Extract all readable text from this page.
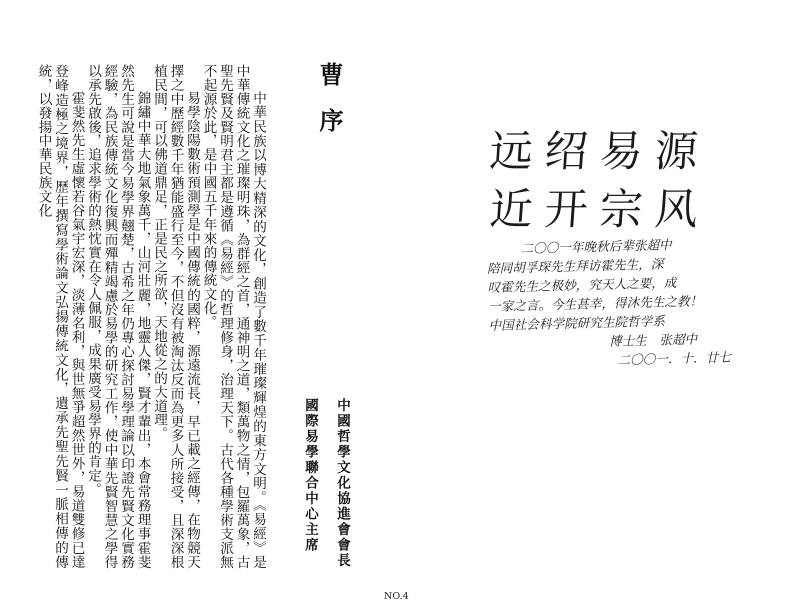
中華民族以博大精深的文化，創造了數千年璀璨輝煌的東方文明。《易經》是中華傳統文化之璀璨明珠，為群經之首，通神明之道，類萬物之情，包羅萬象，古聖先賢及賢明君主都是遵循《易經》的哲理修身，治理天下。古代各種學術支派無不起源於此，是中國五千年來的傳統文化。

易學陰陽數術預測學是中國傳統的國粹，源遠流長，早已載之經傳，在物競天擇之中歷經數千年猶能盛行至今，不但沒有被淘汰反而為更多人所接受，且深深根植民間，可以佛道鼎足，正是民之所欲，天地從之的大道理。

錦繡中華大地氣象萬千，山河壯麗，地靈人傑，賢才輩出，本會常務理事霍斐然先生可說是當今易學界翹楚，古希之年仍專心探討易學理論以印證先賢文化實務經驗，為民族傳統文化復興而殫精竭慮於易學的研究工作，使中華先賢智慧之學得以承先啟後，追求學術的熱忱實在令人佩服，成果廣受易學界的肯定。

霍斐然先生虛懷若谷氣宇宏深，淡薄名利，與世無爭超然世外，易道雙修已達登峰造極之境界，歷年撰寫學術論文弘揚傳統文化，遺承先聖先賢一脈相傳的傳統，以發揚中華民族文化

中國哲學文化協進會會長
國際易學聯合中心主席
曹序	远绍易源
近开宗风
二〇〇一年晚秋后辈张超中
陪同胡孚琛先生拜访霍先生，深
叹霍先生之极妙，究天人之要，成
一家之言。今生甚幸，得沐先生之教！
中国社会科学院研究生院哲学系
博士生　张超中
二〇〇一．十．廿七
NO.4
